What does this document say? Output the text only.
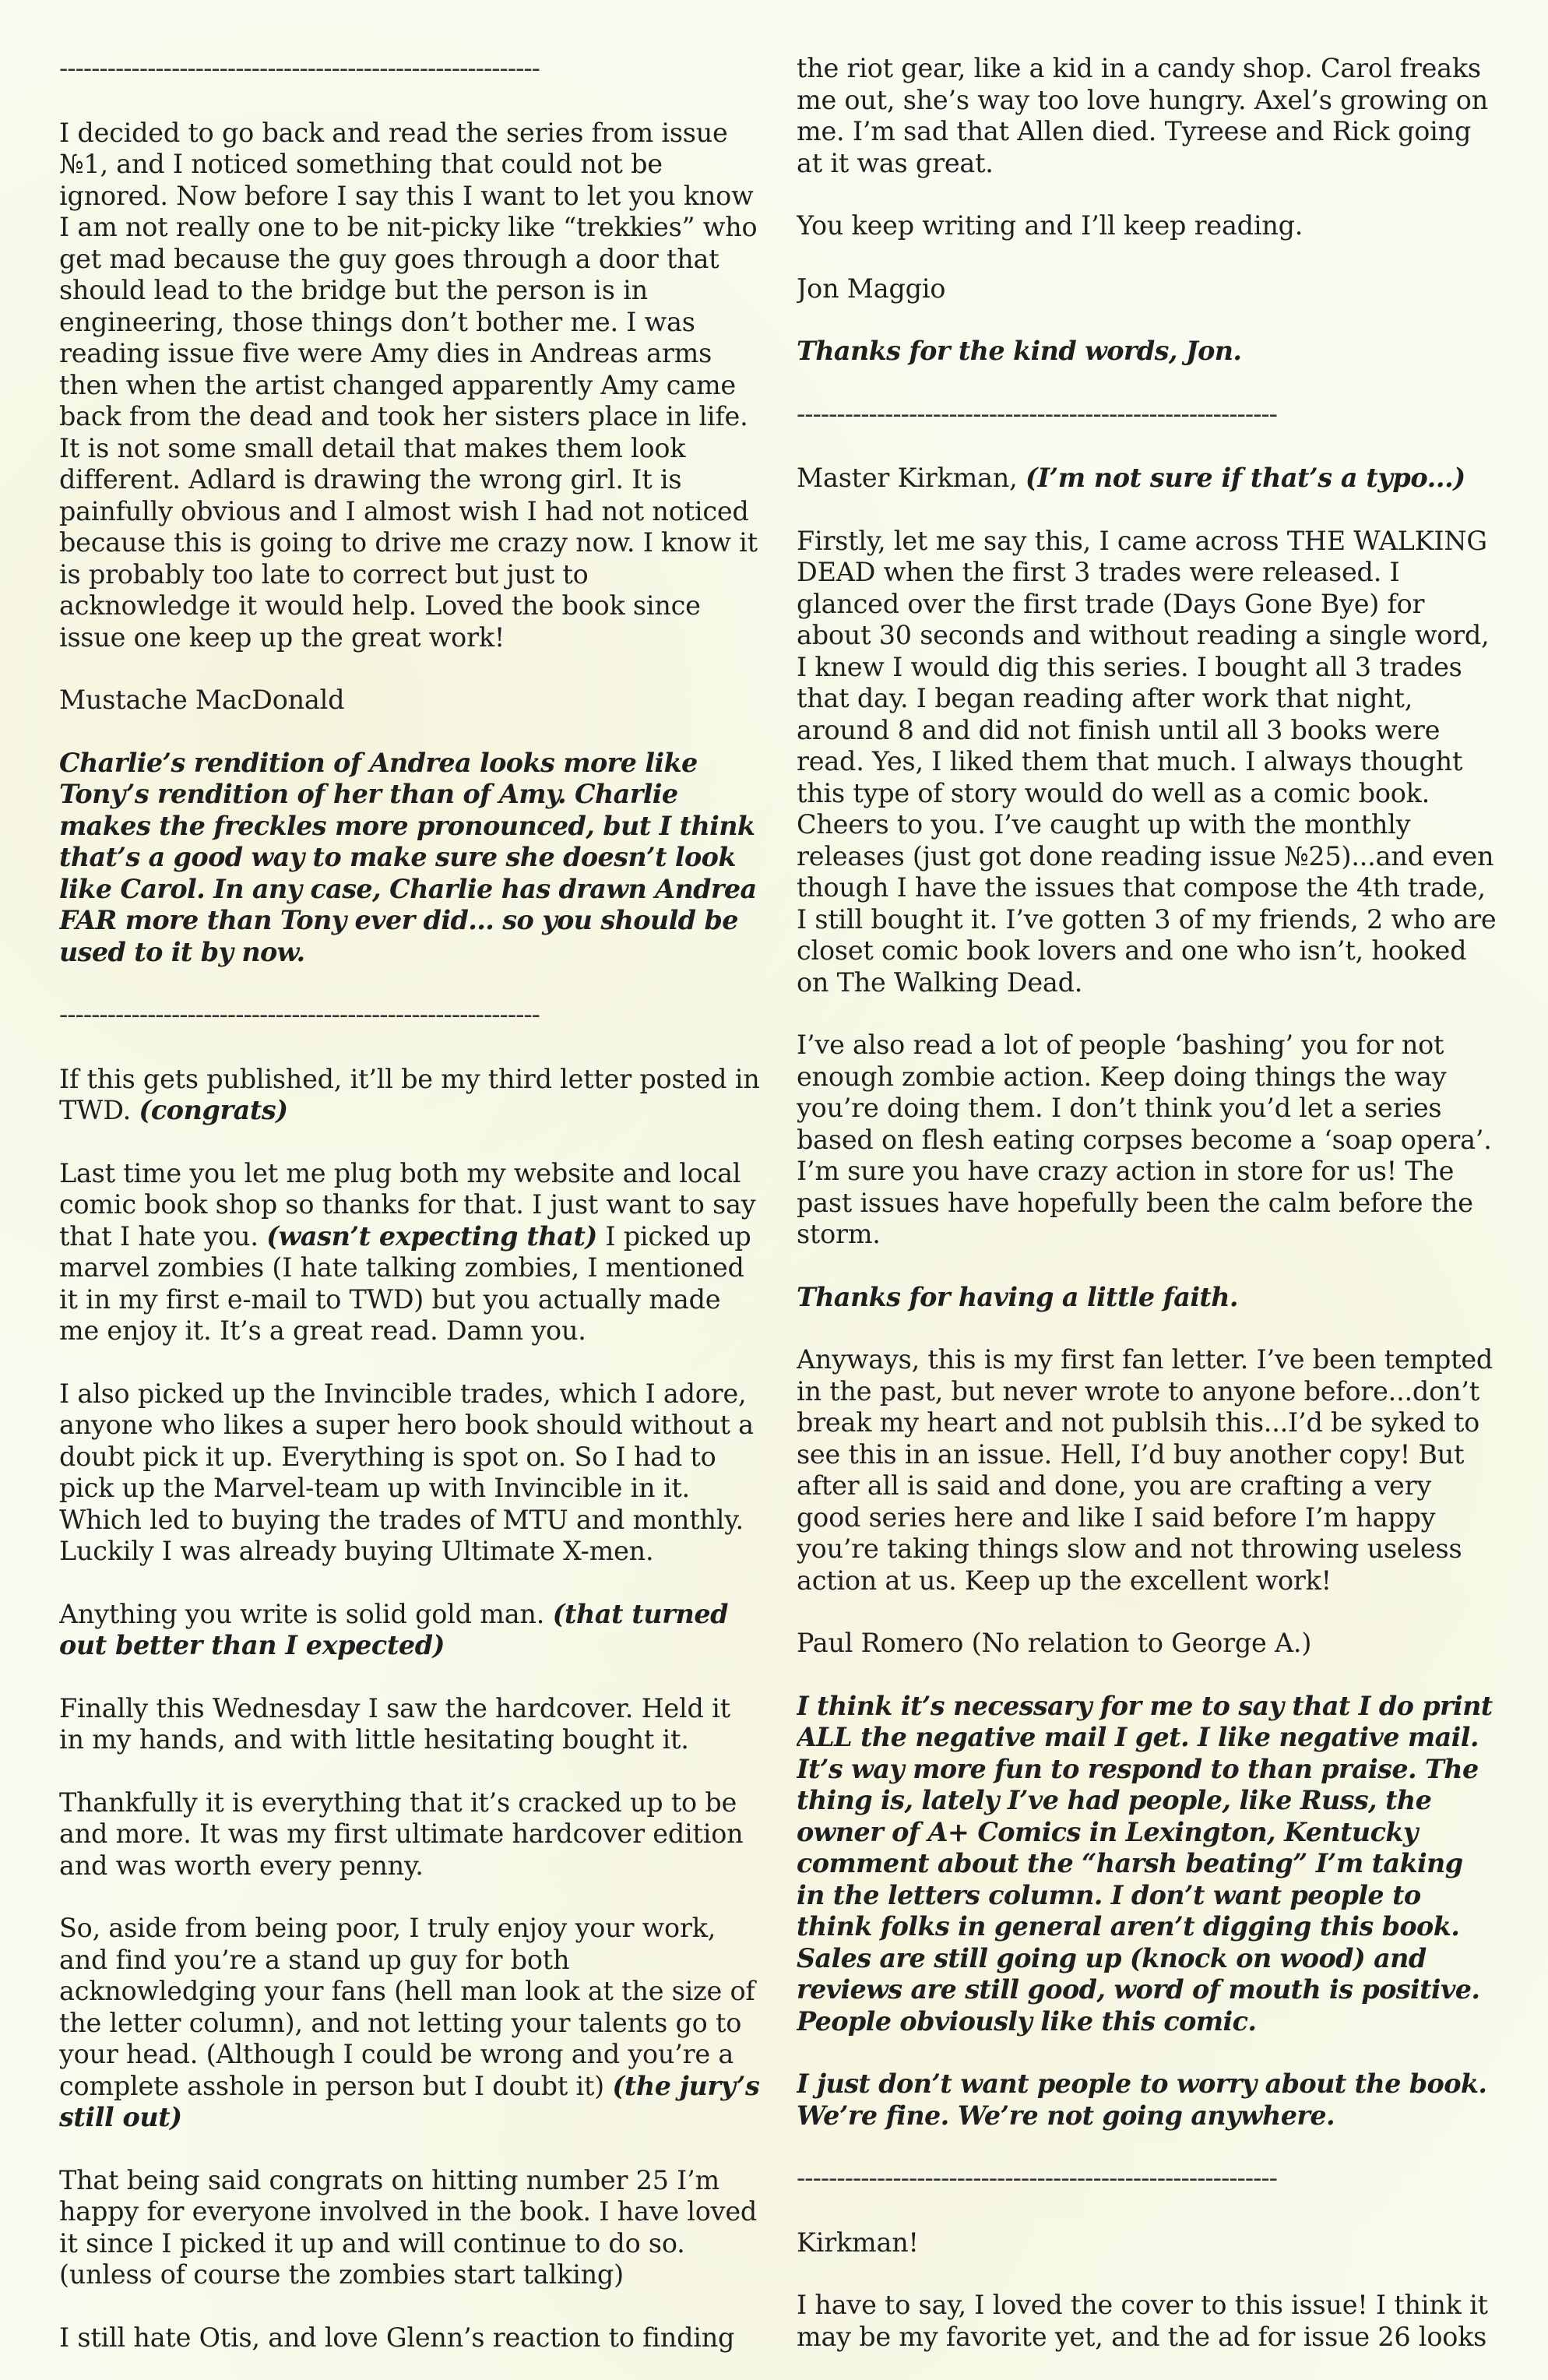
------------------------------------------------------------

I decided to go back and read the series from issue №1, and I noticed something that could not be ignored. Now before I say this I want to let you know I am not really one to be nit-picky like “trekkies” who get mad because the guy goes through a door that should lead to the bridge but the person is in engineering, those things don’t bother me. I was reading issue five were Amy dies in Andreas arms then when the artist changed apparently Amy came back from the dead and took her sisters place in life. It is not some small detail that makes them look different. Adlard is drawing the wrong girl. It is painfully obvious and I almost wish I had not noticed because this is going to drive me crazy now. I know it is probably too late to correct but just to acknowledge it would help. Loved the book since issue one keep up the great work!

Mustache MacDonald

Charlie’s rendition of Andrea looks more like Tony’s rendition of her than of Amy. Charlie makes the freckles more pronounced, but I think that’s a good way to make sure she doesn’t look like Carol. In any case, Charlie has drawn Andrea FAR more than Tony ever did... so you should be used to it by now.

------------------------------------------------------------

If this gets published, it’ll be my third letter posted in TWD. (congrats)

Last time you let me plug both my website and local comic book shop so thanks for that. I just want to say that I hate you. (wasn’t expecting that) I picked up marvel zombies (I hate talking zombies, I mentioned it in my first e-mail to TWD) but you actually made me enjoy it. It’s a great read. Damn you.

I also picked up the Invincible trades, which I adore, anyone who likes a super hero book should without a doubt pick it up. Everything is spot on. So I had to pick up the Marvel-team up with Invincible in it. Which led to buying the trades of MTU and monthly. Luckily I was already buying Ultimate X-men.

Anything you write is solid gold man. (that turned out better than I expected)

Finally this Wednesday I saw the hardcover. Held it in my hands, and with little hesitating bought it.

Thankfully it is everything that it’s cracked up to be and more. It was my first ultimate hardcover edition and was worth every penny.

So, aside from being poor, I truly enjoy your work, and find you’re a stand up guy for both acknowledging your fans (hell man look at the size of the letter column), and not letting your talents go to your head. (Although I could be wrong and you’re a complete asshole in person but I doubt it) (the jury’s still out)

That being said congrats on hitting number 25 I’m happy for everyone involved in the book. I have loved it since I picked it up and will continue to do so. (unless of course the zombies start talking)

I still hate Otis, and love Glenn’s reaction to finding

the riot gear, like a kid in a candy shop. Carol freaks me out, she’s way too love hungry. Axel’s growing on me. I’m sad that Allen died. Tyreese and Rick going at it was great.

You keep writing and I’ll keep reading.

Jon Maggio

Thanks for the kind words, Jon.

------------------------------------------------------------

Master Kirkman, (I’m not sure if that’s a typo...)

Firstly, let me say this, I came across THE WALKING DEAD when the first 3 trades were released. I glanced over the first trade (Days Gone Bye) for about 30 seconds and without reading a single word, I knew I would dig this series. I bought all 3 trades that day. I began reading after work that night, around 8 and did not finish until all 3 books were read. Yes, I liked them that much. I always thought this type of story would do well as a comic book. Cheers to you. I’ve caught up with the monthly releases (just got done reading issue №25)...and even though I have the issues that compose the 4th trade, I still bought it. I’ve gotten 3 of my friends, 2 who are closet comic book lovers and one who isn’t, hooked on The Walking Dead.

I’ve also read a lot of people ‘bashing’ you for not enough zombie action. Keep doing things the way you’re doing them. I don’t think you’d let a series based on flesh eating corpses become a ‘soap opera’. I’m sure you have crazy action in store for us! The past issues have hopefully been the calm before the storm.

Thanks for having a little faith.

Anyways, this is my first fan letter. I’ve been tempted in the past, but never wrote to anyone before...don’t break my heart and not publsih this...I’d be syked to see this in an issue. Hell, I’d buy another copy! But after all is said and done, you are crafting a very good series here and like I said before I’m happy you’re taking things slow and not throwing useless action at us. Keep up the excellent work!

Paul Romero (No relation to George A.)

I think it’s necessary for me to say that I do print ALL the negative mail I get. I like negative mail. It’s way more fun to respond to than praise. The thing is, lately I’ve had people, like Russ, the owner of A+ Comics in Lexington, Kentucky comment about the “harsh beating” I’m taking in the letters column. I don’t want people to think folks in general aren’t digging this book. Sales are still going up (knock on wood) and reviews are still good, word of mouth is positive. People obviously like this comic.

I just don’t want people to worry about the book. We’re fine. We’re not going anywhere.

------------------------------------------------------------

Kirkman!

I have to say, I loved the cover to this issue! I think it may be my favorite yet, and the ad for issue 26 looks
